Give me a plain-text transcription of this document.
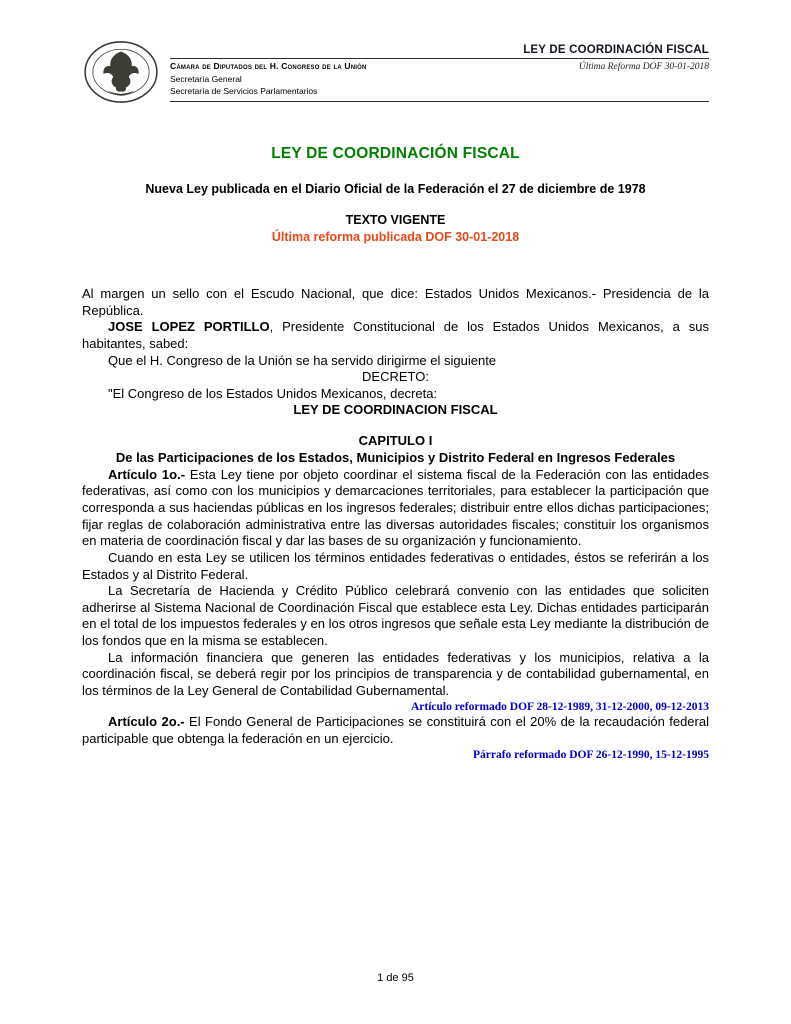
LEY DE COORDINACIÓN FISCAL
Cámara de Diputados del H. Congreso de la Unión	Última Reforma DOF 30-01-2018
Secretaría General
Secretaría de Servicios Parlamentarios
LEY DE COORDINACIÓN FISCAL
Nueva Ley publicada en el Diario Oficial de la Federación el 27 de diciembre de 1978
TEXTO VIGENTE
Última reforma publicada DOF 30-01-2018

Al margen un sello con el Escudo Nacional, que dice: Estados Unidos Mexicanos.- Presidencia de la República.

JOSE LOPEZ PORTILLO, Presidente Constitucional de los Estados Unidos Mexicanos, a sus habitantes, sabed:

Que el H. Congreso de la Unión se ha servido dirigirme el siguiente

DECRETO:

"El Congreso de los Estados Unidos Mexicanos, decreta:

LEY DE COORDINACION FISCAL

CAPITULO I

De las Participaciones de los Estados, Municipios y Distrito Federal en Ingresos Federales

Artículo 1o.- Esta Ley tiene por objeto coordinar el sistema fiscal de la Federación con las entidades federativas, así como con los municipios y demarcaciones territoriales, para establecer la participación que corresponda a sus haciendas públicas en los ingresos federales; distribuir entre ellos dichas participaciones; fijar reglas de colaboración administrativa entre las diversas autoridades fiscales; constituir los organismos en materia de coordinación fiscal y dar las bases de su organización y funcionamiento.

Cuando en esta Ley se utilicen los términos entidades federativas o entidades, éstos se referirán a los Estados y al Distrito Federal.

La Secretaría de Hacienda y Crédito Público celebrará convenio con las entidades que soliciten adherirse al Sistema Nacional de Coordinación Fiscal que establece esta Ley. Dichas entidades participarán en el total de los impuestos federales y en los otros ingresos que señale esta Ley mediante la distribución de los fondos que en la misma se establecen.

La información financiera que generen las entidades federativas y los municipios, relativa a la coordinación fiscal, se deberá regir por los principios de transparencia y de contabilidad gubernamental, en los términos de la Ley General de Contabilidad Gubernamental.

Artículo reformado DOF 28-12-1989, 31-12-2000, 09-12-2013

Artículo 2o.- El Fondo General de Participaciones se constituirá con el 20% de la recaudación federal participable que obtenga la federación en un ejercicio.

Párrafo reformado DOF 26-12-1990, 15-12-1995

1 de 95
